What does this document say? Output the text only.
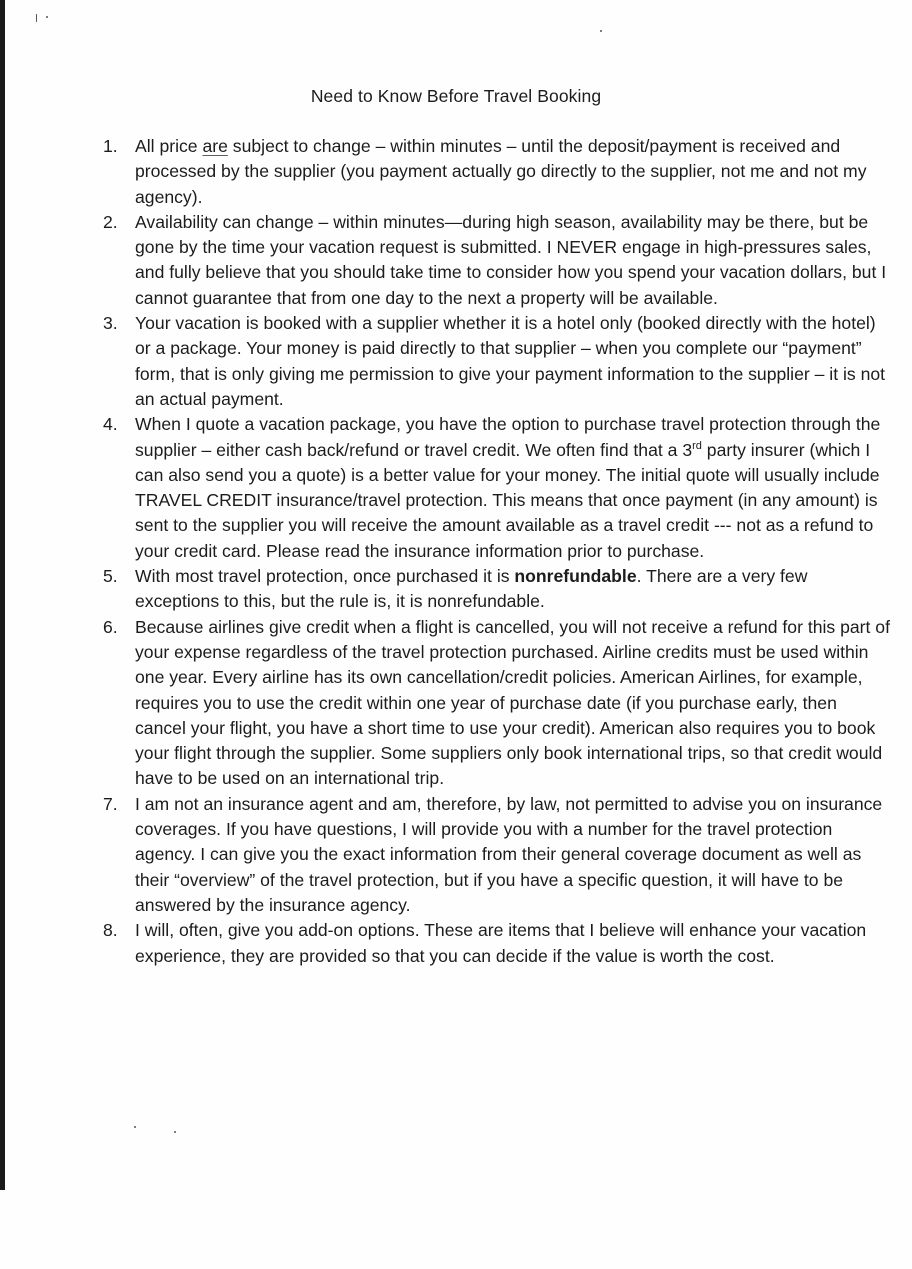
Need to Know Before Travel Booking
1. All price are subject to change – within minutes – until the deposit/payment is received and processed by the supplier (you payment actually go directly to the supplier, not me and not my agency).
2. Availability can change – within minutes—during high season, availability may be there, but be gone by the time your vacation request is submitted. I NEVER engage in high-pressures sales, and fully believe that you should take time to consider how you spend your vacation dollars, but I cannot guarantee that from one day to the next a property will be available.
3. Your vacation is booked with a supplier whether it is a hotel only (booked directly with the hotel) or a package. Your money is paid directly to that supplier – when you complete our “payment” form, that is only giving me permission to give your payment information to the supplier – it is not an actual payment.
4. When I quote a vacation package, you have the option to purchase travel protection through the supplier – either cash back/refund or travel credit. We often find that a 3rd party insurer (which I can also send you a quote) is a better value for your money. The initial quote will usually include TRAVEL CREDIT insurance/travel protection. This means that once payment (in any amount) is sent to the supplier you will receive the amount available as a travel credit --- not as a refund to your credit card. Please read the insurance information prior to purchase.
5. With most travel protection, once purchased it is nonrefundable. There are a very few exceptions to this, but the rule is, it is nonrefundable.
6. Because airlines give credit when a flight is cancelled, you will not receive a refund for this part of your expense regardless of the travel protection purchased. Airline credits must be used within one year. Every airline has its own cancellation/credit policies. American Airlines, for example, requires you to use the credit within one year of purchase date (if you purchase early, then cancel your flight, you have a short time to use your credit). American also requires you to book your flight through the supplier. Some suppliers only book international trips, so that credit would have to be used on an international trip.
7. I am not an insurance agent and am, therefore, by law, not permitted to advise you on insurance coverages. If you have questions, I will provide you with a number for the travel protection agency. I can give you the exact information from their general coverage document as well as their “overview” of the travel protection, but if you have a specific question, it will have to be answered by the insurance agency.
8. I will, often, give you add-on options. These are items that I believe will enhance your vacation experience, they are provided so that you can decide if the value is worth the cost.
